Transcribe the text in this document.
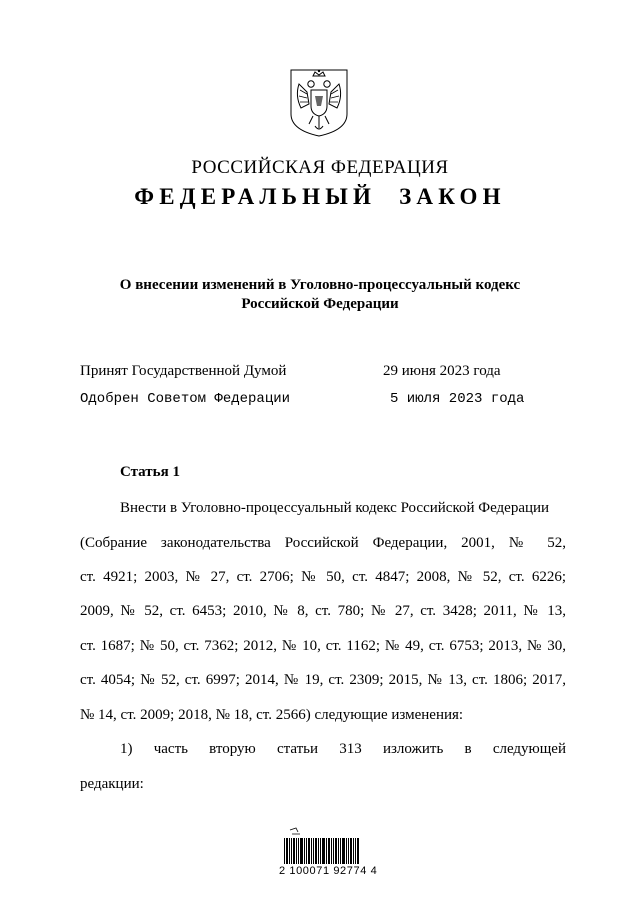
РОССИЙСКАЯ ФЕДЕРАЦИЯ
ФЕДЕРАЛЬНЫЙ ЗАКОН
О внесении изменений в Уголовно-процессуальный кодекс
Российской Федерации
Принят Государственной Думой	29 июня 2023 года
Одобрен Советом Федерации	5 июля 2023 года
Статья 1
Внести в Уголовно-процессуальный кодекс Российской Федерации
(Собрание законодательства Российской Федерации, 2001, № 52,
ст. 4921; 2003, № 27, ст. 2706; № 50, ст. 4847; 2008, № 52, ст. 6226;
2009, № 52, ст. 6453; 2010, № 8, ст. 780; № 27, ст. 3428; 2011, № 13,
ст. 1687; № 50, ст. 7362; 2012, № 10, ст. 1162; № 49, ст. 6753; 2013, № 30,
ст. 4054; № 52, ст. 6997; 2014, № 19, ст. 2309; 2015, № 13, ст. 1806; 2017,
№ 14, ст. 2009; 2018, № 18, ст. 2566) следующие изменения:
1) часть вторую статьи 313 изложить в следующей
редакции:
2 100071 92774 4
